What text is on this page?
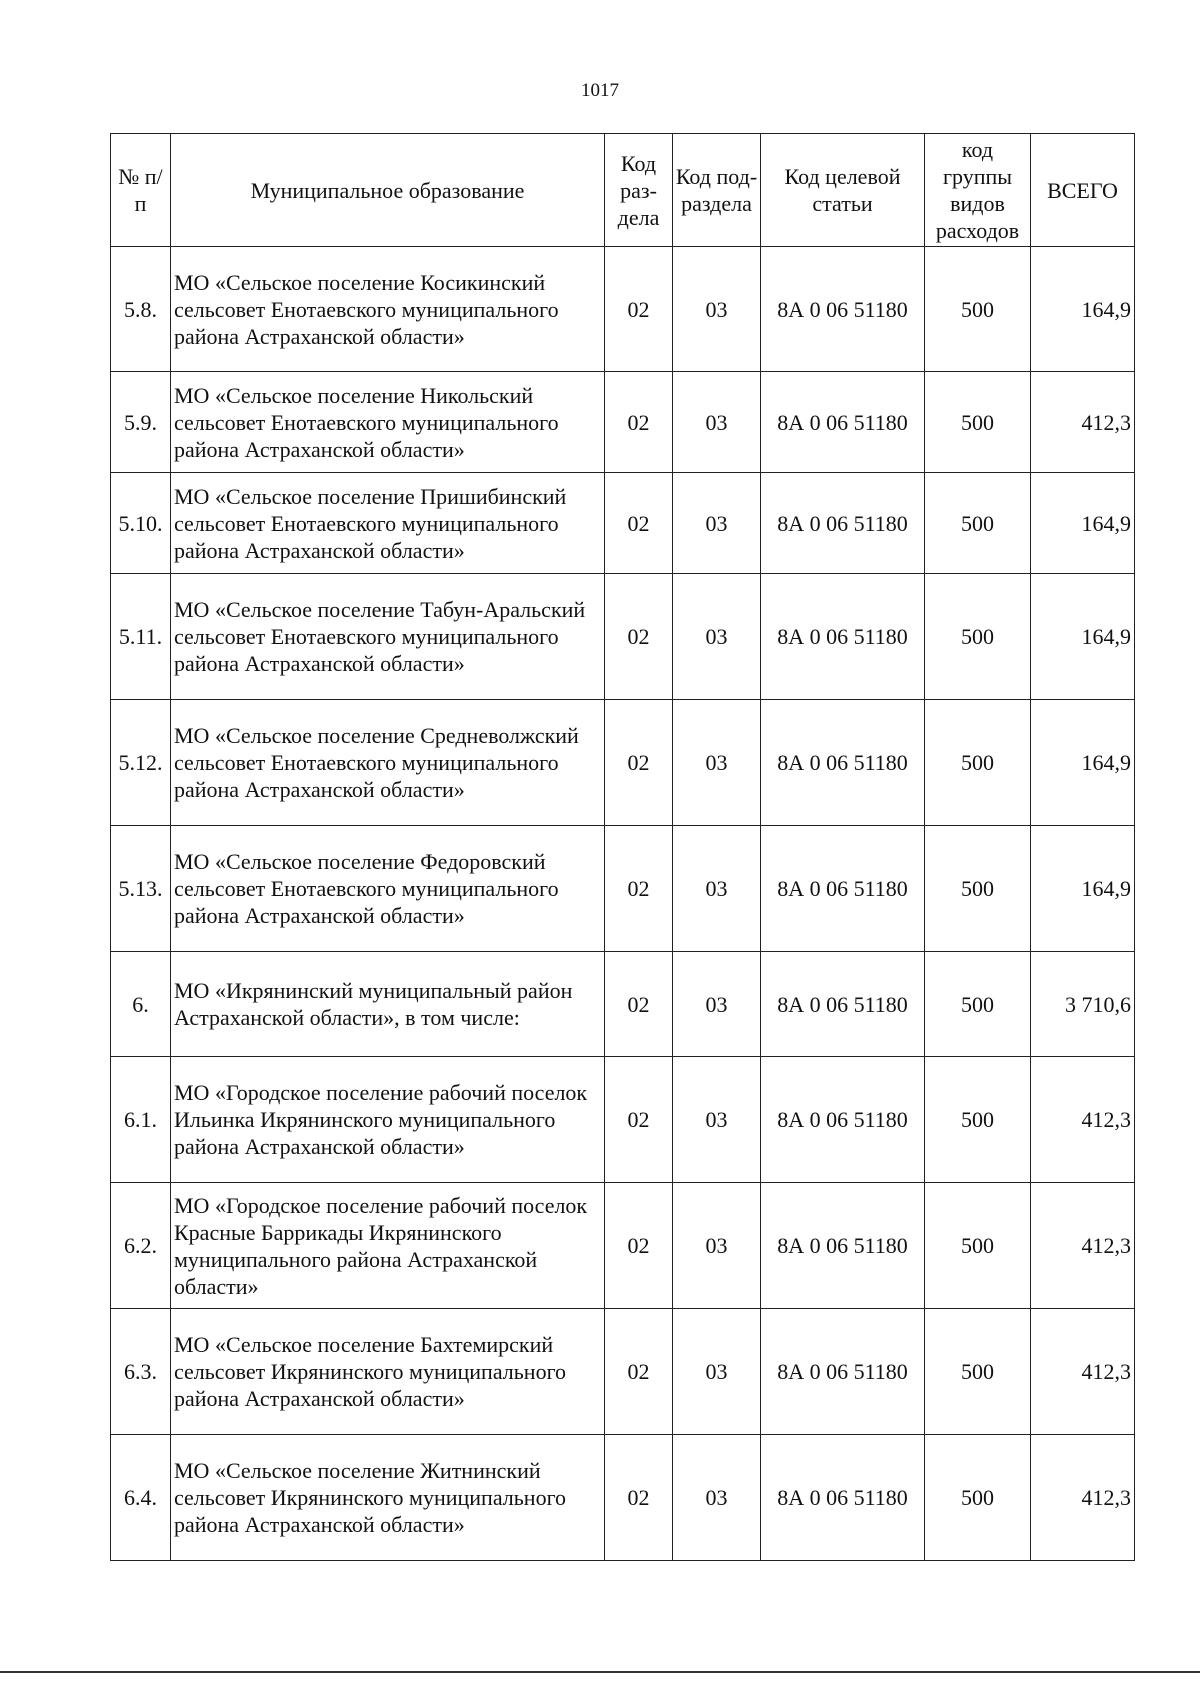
1017
№ п/п	Муниципальное образование	Код раз-дела	Код под-раздела	Код целевой статьи	код группы видов расходов	ВСЕГО
5.8.	МО «Сельское поселение Косикинский сельсовет Енотаевского муниципального района Астраханской области»	02	03	8А 0 06 51180	500	164,9
5.9.	МО «Сельское поселение Никольский сельсовет Енотаевского муниципального района Астраханской области»	02	03	8А 0 06 51180	500	412,3
5.10.	МО «Сельское поселение Пришибинский сельсовет Енотаевского муниципального района Астраханской области»	02	03	8А 0 06 51180	500	164,9
5.11.	МО «Сельское поселение Табун-Аральский сельсовет Енотаевского муниципального района Астраханской области»	02	03	8А 0 06 51180	500	164,9
5.12.	МО «Сельское поселение Средневолжский сельсовет Енотаевского муниципального района Астраханской области»	02	03	8А 0 06 51180	500	164,9
5.13.	МО «Сельское поселение Федоровский сельсовет Енотаевского муниципального района Астраханской области»	02	03	8А 0 06 51180	500	164,9
6.	МО «Икрянинский муниципальный район Астраханской области», в том числе:	02	03	8А 0 06 51180	500	3 710,6
6.1.	МО «Городское поселение рабочий поселок Ильинка Икрянинского муниципального района Астраханской области»	02	03	8А 0 06 51180	500	412,3
6.2.	МО «Городское поселение рабочий поселок Красные Баррикады Икрянинского муниципального района Астраханской области»	02	03	8А 0 06 51180	500	412,3
6.3.	МО «Сельское поселение Бахтемирский сельсовет Икрянинского муниципального района Астраханской области»	02	03	8А 0 06 51180	500	412,3
6.4.	МО «Сельское поселение Житнинский сельсовет Икрянинского муниципального района Астраханской области»	02	03	8А 0 06 51180	500	412,3
